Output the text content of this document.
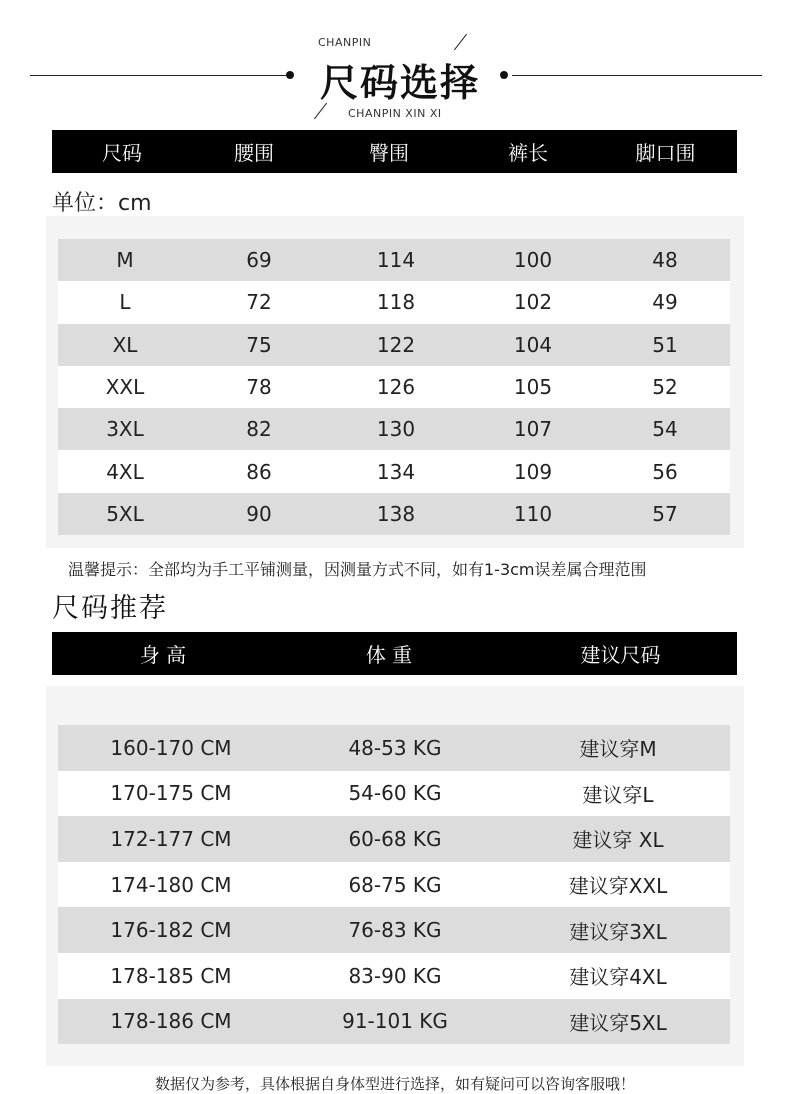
CHANPIN
尺码选择
CHANPIN XIN XI
尺码	腰围	臀围	裤长	脚口围
单位：cm
M	69	114	100	48
L	72	118	102	49
XL	75	122	104	51
XXL	78	126	105	52
3XL	82	130	107	54
4XL	86	134	109	56
5XL	90	138	110	57
温馨提示：全部均为手工平铺测量，因测量方式不同，如有1-3cm误差属合理范围
尺码推荐
身 高	体 重	建议尺码
160-170 CM	48-53 KG	建议穿M
170-175 CM	54-60 KG	建议穿L
172-177 CM	60-68 KG	建议穿 XL
174-180 CM	68-75 KG	建议穿XXL
176-182 CM	76-83 KG	建议穿3XL
178-185 CM	83-90 KG	建议穿4XL
178-186 CM	91-101 KG	建议穿5XL
数据仅为参考，具体根据自身体型进行选择，如有疑问可以咨询客服哦！
